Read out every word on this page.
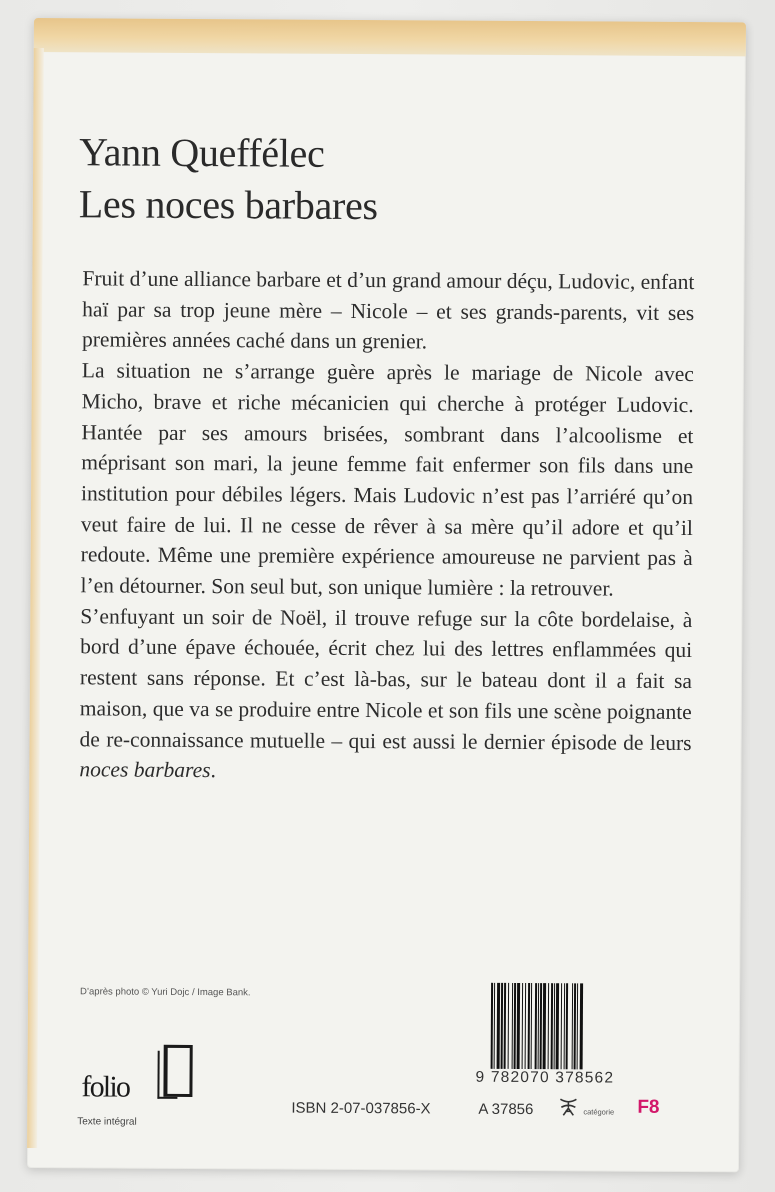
Yann Queffélec
Les noces barbares

Fruit d’une alliance barbare et d’un grand amour déçu, Ludovic, enfant haï par sa trop jeune mère – Nicole – et ses grands-parents, vit ses premières années caché dans un grenier.

La situation ne s’arrange guère après le mariage de Nicole avec Micho, brave et riche mécanicien qui cherche à protéger Ludovic. Hantée par ses amours brisées, sombrant dans l’alcoolisme et méprisant son mari, la jeune femme fait enfermer son fils dans une institution pour débiles légers. Mais Ludovic n’est pas l’arriéré qu’on veut faire de lui. Il ne cesse de rêver à sa mère qu’il adore et qu’il redoute. Même une première expérience amoureuse ne parvient pas à l’en détourner. Son seul but, son unique lumière : la retrouver.

S’enfuyant un soir de Noël, il trouve refuge sur la côte bordelaise, à bord d’une épave échouée, écrit chez lui des lettres enflammées qui restent sans réponse. Et c’est là-bas, sur le bateau dont il a fait sa maison, que va se produire entre Nicole et son fils une scène poignante de re-connaissance mutuelle – qui est aussi le dernier épisode de leurs noces barbares.

D’après photo © Yuri Dojc / Image Bank.
folio
Texte intégral
9 782070 378562
ISBN 2-07-037856-X	A 37856	catégorie F8
